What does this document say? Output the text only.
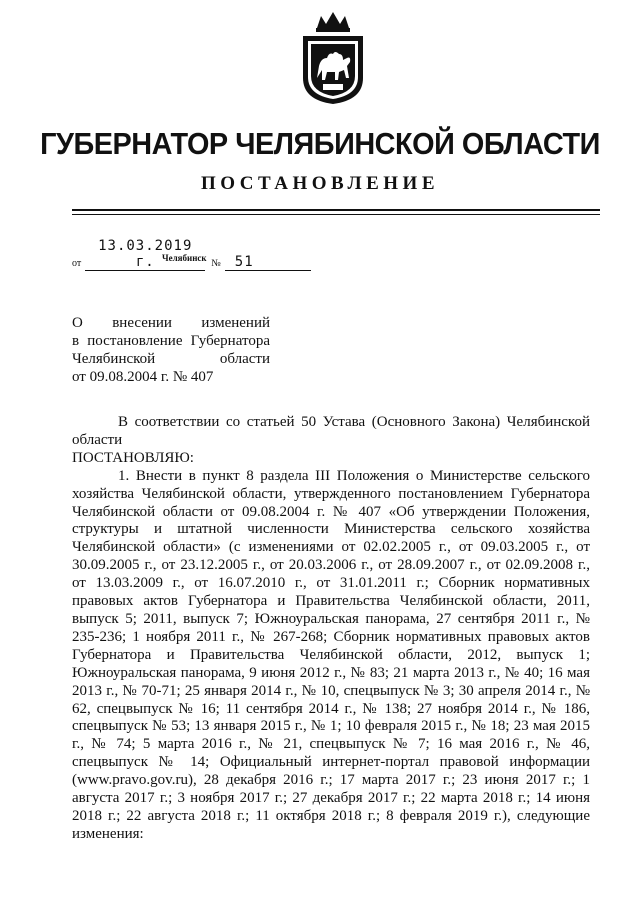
ГУБЕРНАТОР ЧЕЛЯБИНСКОЙ ОБЛАСТИ
ПОСТАНОВЛЕНИЕ
от13.03.2019 г.	№ 51
Челябинск
О внесении изменений
в постановление Губернатора
Челябинской области
от 09.08.2004 г. № 407

В соответствии со статьей 50 Устава (Основного Закона) Челябинской области

ПОСТАНОВЛЯЮ:

1. Внести в пункт 8 раздела III Положения о Министерстве сельского хозяйства Челябинской области, утвержденного постановлением Губернатора Челябинской области от 09.08.2004 г. № 407 «Об утверждении Положения, структуры и штатной численности Министерства сельского хозяйства Челябинской области» (с изменениями от 02.02.2005 г., от 09.03.2005 г., от 30.09.2005 г., от 23.12.2005 г., от 20.03.2006 г., от 28.09.2007 г., от 02.09.2008 г., от 13.03.2009 г., от 16.07.2010 г., от 31.01.2011 г.; Сборник нормативных правовых актов Губернатора и Правительства Челябинской области, 2011, выпуск 5; 2011, выпуск 7; Южноуральская панорама, 27 сентября 2011 г., № 235-236; 1 ноября 2011 г., № 267-268; Сборник нормативных правовых актов Губернатора и Правительства Челябинской области, 2012, выпуск 1; Южноуральская панорама, 9 июня 2012 г., № 83; 21 марта 2013 г., № 40; 16 мая 2013 г., № 70-71; 25 января 2014 г., № 10, спецвыпуск № 3; 30 апреля 2014 г., № 62, спецвыпуск № 16; 11 сентября 2014 г., № 138; 27 ноября 2014 г., № 186, спецвыпуск № 53; 13 января 2015 г., № 1; 10 февраля 2015 г., № 18; 23 мая 2015 г., № 74; 5 марта 2016 г., № 21, спецвыпуск № 7; 16 мая 2016 г., № 46, спецвыпуск № 14; Официальный интернет-портал правовой информации (www.pravo.gov.ru), 28 декабря 2016 г.; 17 марта 2017 г.; 23 июня 2017 г.; 1 августа 2017 г.; 3 ноября 2017 г.; 27 декабря 2017 г.; 22 марта 2018 г.; 14 июня 2018 г.; 22 августа 2018 г.; 11 октября 2018 г.; 8 февраля 2019 г.), следующие изменения:
